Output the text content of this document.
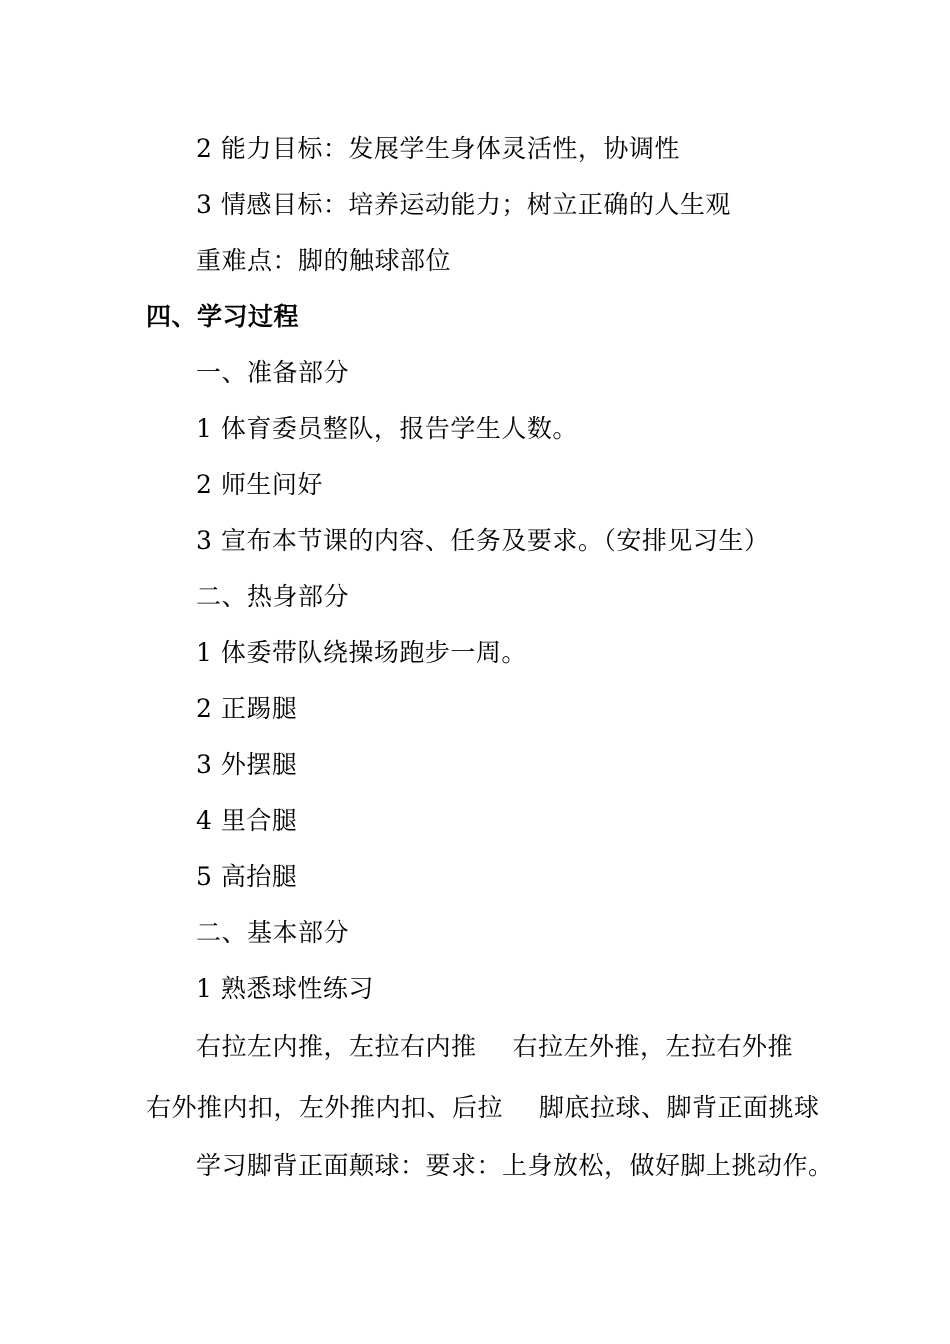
2 能力目标：发展学生身体灵活性，协调性
3 情感目标：培养运动能力；树立正确的人生观
重难点：脚的触球部位
四、学习过程
一、准备部分
1 体育委员整队，报告学生人数。
2 师生问好
3 宣布本节课的内容、任务及要求。（安排见习生）
二、热身部分
1 体委带队绕操场跑步一周。
2 正踢腿
3 外摆腿
4 里合腿
5 高抬腿
二、基本部分
1 熟悉球性练习
右拉左内推，左拉右内推 右拉左外推，左拉右外推
右外推内扣，左外推内扣、后拉 脚底拉球、脚背正面挑球
学习脚背正面颠球：要求：上身放松，做好脚上挑动作。
